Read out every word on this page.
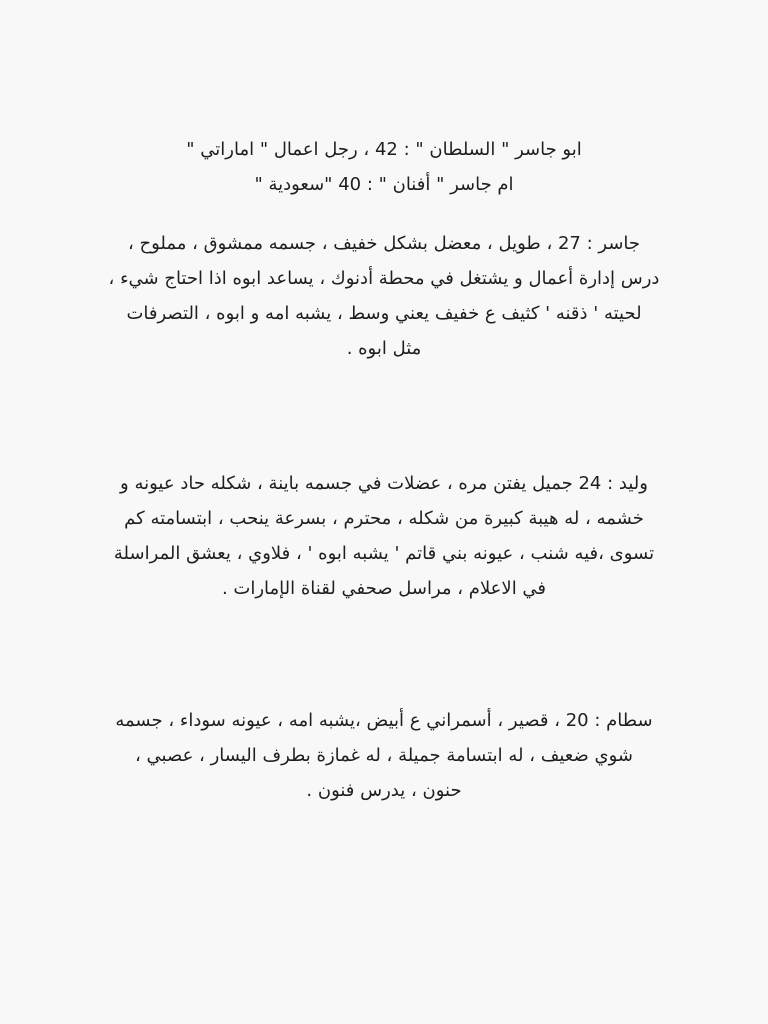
ابو جاسر " السلطان " : 42 ، رجل اعمال " اماراتي "
ام جاسر " أفنان " : 40 "سعودية "
جاسر : 27 ، طويل ، معضل بشكل خفيف ، جسمه ممشوق ، مملوح ،
درس إدارة أعمال و يشتغل في محطة أدنوك ، يساعد ابوه اذا احتاج شيء ،
لحيته ' ذقنه ' كثيف ع خفيف يعني وسط ، يشبه امه و ابوه ، التصرفات
مثل ابوه .
وليد : 24 جميل يفتن مره ، عضلات في جسمه باينة ، شكله حاد عيونه و
خشمه ، له هيبة كبيرة من شكله ، محترم ، بسرعة ينحب ، ابتسامته كم
تسوى ،فيه شنب ، عيونه بني قاتم ' يشبه ابوه ' ، فلاوي ، يعشق المراسلة
في الاعلام ، مراسل صحفي لقناة الإمارات .
سطام : 20 ، قصير ، أسمراني ع أبيض ،يشبه امه ، عيونه سوداء ، جسمه
شوي ضعيف ، له ابتسامة جميلة ، له غمازة بطرف اليسار ، عصبي ،
حنون ، يدرس فنون .
